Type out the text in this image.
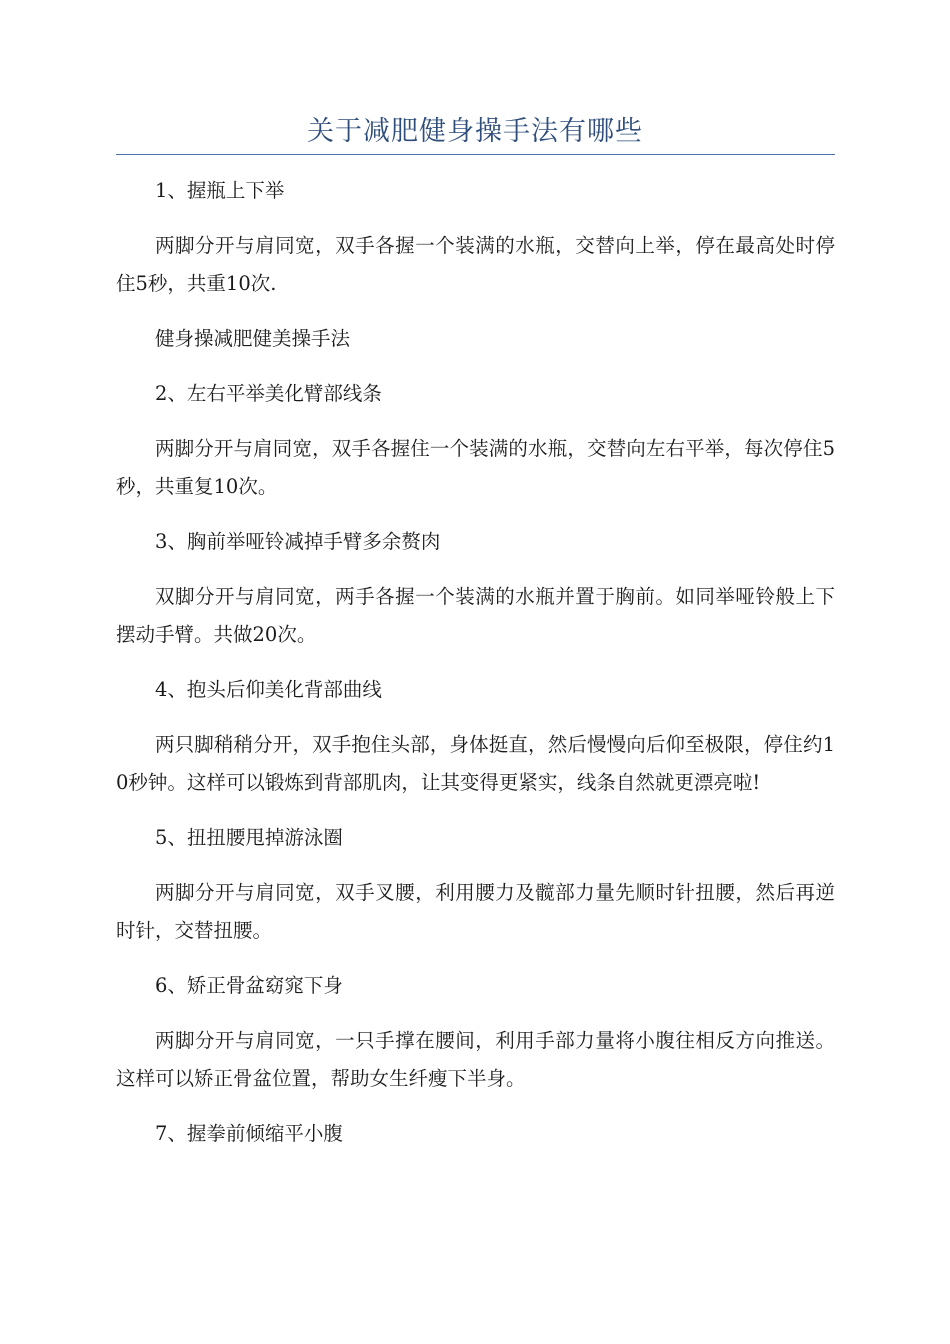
关于减肥健身操手法有哪些

1、握瓶上下举

两脚分开与肩同宽，双手各握一个装满的水瓶，交替向上举，停在最高处时停住5秒，共重10次.

健身操减肥健美操手法

2、左右平举美化臂部线条

两脚分开与肩同宽，双手各握住一个装满的水瓶，交替向左右平举，每次停住5秒，共重复10次。

3、胸前举哑铃减掉手臂多余赘肉

双脚分开与肩同宽，两手各握一个装满的水瓶并置于胸前。如同举哑铃般上下摆动手臂。共做20次。

4、抱头后仰美化背部曲线

两只脚稍稍分开，双手抱住头部，身体挺直，然后慢慢向后仰至极限，停住约10秒钟。这样可以锻炼到背部肌肉，让其变得更紧实，线条自然就更漂亮啦!

5、扭扭腰甩掉游泳圈

两脚分开与肩同宽，双手叉腰，利用腰力及髋部力量先顺时针扭腰，然后再逆时针，交替扭腰。

6、矫正骨盆窈窕下身

两脚分开与肩同宽，一只手撑在腰间，利用手部力量将小腹往相反方向推送。这样可以矫正骨盆位置，帮助女生纤瘦下半身。

7、握拳前倾缩平小腹
